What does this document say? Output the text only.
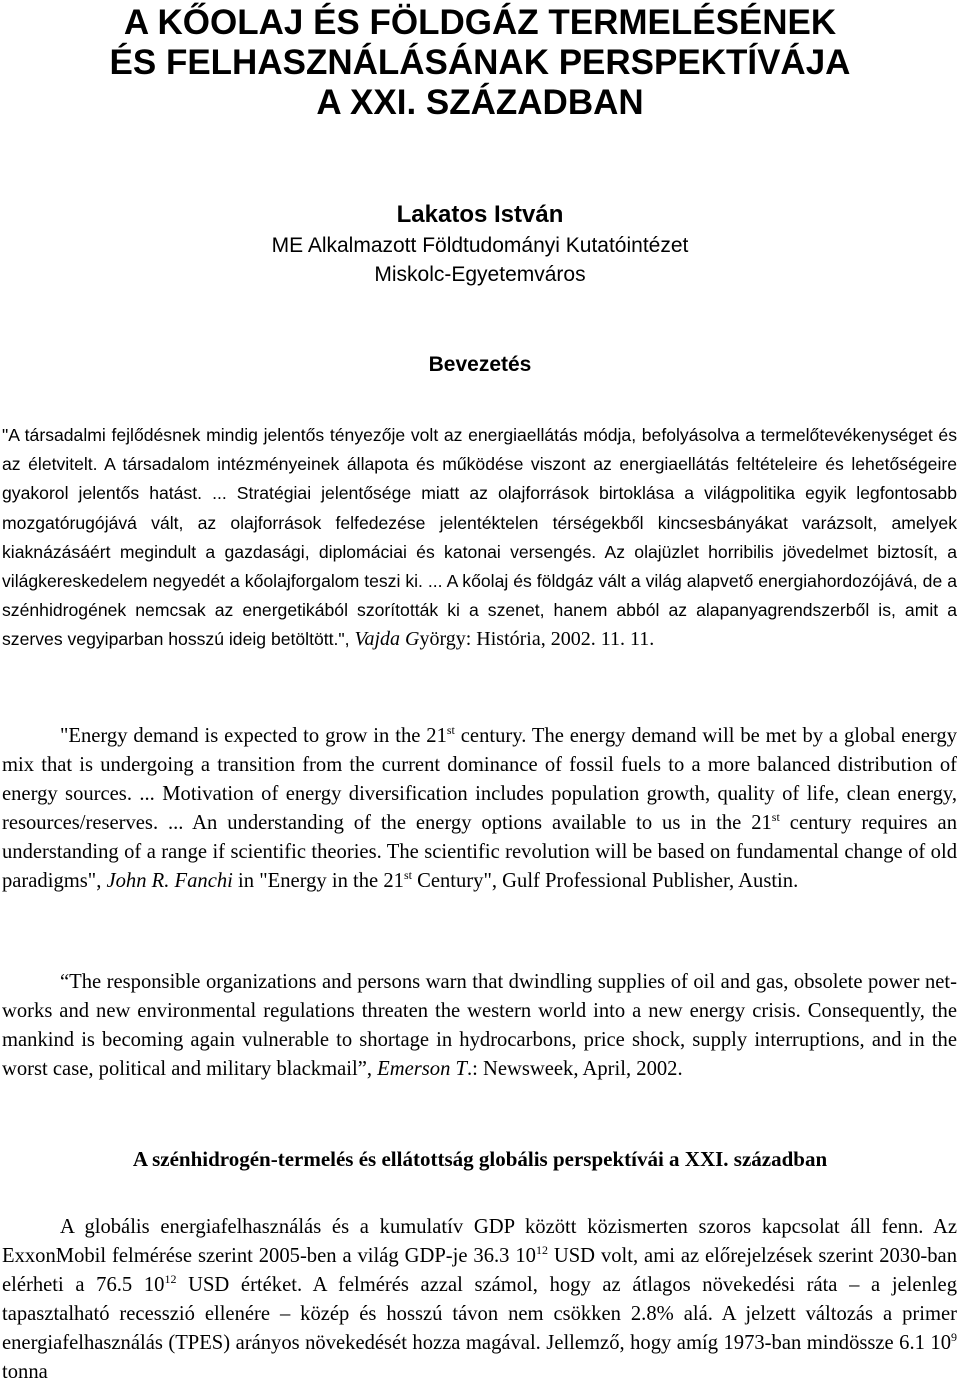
A KŐOLAJ ÉS FÖLDGÁZ TERMELÉSÉNEK
ÉS FELHASZNÁLÁSÁNAK PERSPEKTÍVÁJA
A XXI. SZÁZADBAN
Lakatos István
ME Alkalmazott Földtudományi Kutatóintézet
Miskolc-Egyetemváros
Bevezetés

"A társadalmi fejlődésnek mindig jelentős tényezője volt az energiaellátás módja, befolyásolva a termelőtevékenységet és az életvitelt. A társadalom intézményeinek állapota és működése viszont az energiaellátás feltételeire és lehetőségeire gyakorol jelentős hatást. ... Stratégiai jelentősége miatt az olajforrások birtoklása a világpolitika egyik legfontosabb mozgatórugójává vált, az olajforrások felfedezése jelentéktelen térségekből kincsesbányákat varázsolt, amelyek kiaknázásáért megindult a gazdasági, diplomáciai és katonai versengés. Az olajüzlet horribilis jövedelmet biztosít, a világkereskedelem negyedét a kőolajforgalom teszi ki. ... A kőolaj és földgáz vált a világ alapvető energiahordozójává, de a szénhidrogének nemcsak az energetikából szorították ki a szenet, hanem abból az alapanyagrendszerből is, amit a szerves vegyiparban hosszú ideig betöltött.", Vajda György: História, 2002. 11. 11.

"Energy demand is expected to grow in the 21st century. The energy demand will be met by a global energy mix that is undergoing a transition from the current dominance of fossil fuels to a more balanced distribution of energy sources. ... Motivation of energy diversification includes population growth, quality of life, clean energy, resources/reserves. ... An understanding of the energy options available to us in the 21st century requires an understanding of a range if scientific theories. The scientific revolution will be based on fundamental change of old paradigms", John R. Fanchi in "Energy in the 21st Century", Gulf Professional Publisher, Austin.

“The responsible organizations and persons warn that dwindling supplies of oil and gas, obsolete power net-works and new environmental regulations threaten the western world into a new energy crisis. Consequently, the mankind is becoming again vulnerable to shortage in hydrocarbons, price shock, supply interruptions, and in the worst case, political and military blackmail”, Emerson T.: Newsweek, April, 2002.

A szénhidrogén-termelés és ellátottság globális perspektívái a XXI. században

A globális energiafelhasználás és a kumulatív GDP között közismerten szoros kapcsolat áll fenn. Az ExxonMobil felmérése szerint 2005-ben a világ GDP-je 36.3 $10^{12}$ USD volt, ami az előrejelzések szerint 2030-ban elérheti a 76.5 $10^{12}$ USD értéket. A felmérés azzal számol, hogy az átlagos növekedési ráta – a jelenleg tapasztalható recesszió ellenére – közép és hosszú távon nem csökken 2.8% alá. A jelzett változás a primer energiafelhasználás (TPES) arányos növekedését hozza magával. Jellemző, hogy amíg 1973-ban mindössze 6.1 $10^9$ tonna
